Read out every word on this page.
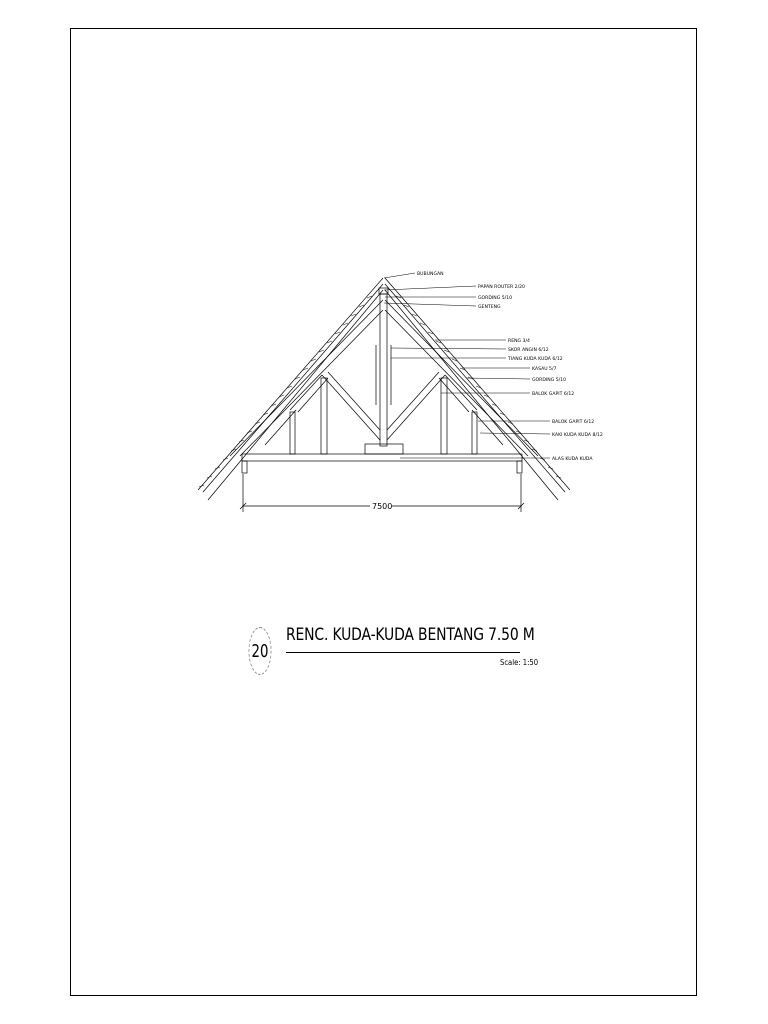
BUBUNGAN
PAPAN ROUTER 2/20
GORDING 5/10
GENTENG
RENG 3/4
SKOR ANGIN 6/12
TIANG KUDA KUDA 6/12
KASAU 5/7
GORDING 5/10
BALOK GAPIT 6/12
BALOK GAPIT 6/12
KAKI KUDA KUDA 8/12
ALAS KUDA KUDA
7500
20
RENC. KUDA-KUDA BENTANG 7.50 M
Scale: 1:50
